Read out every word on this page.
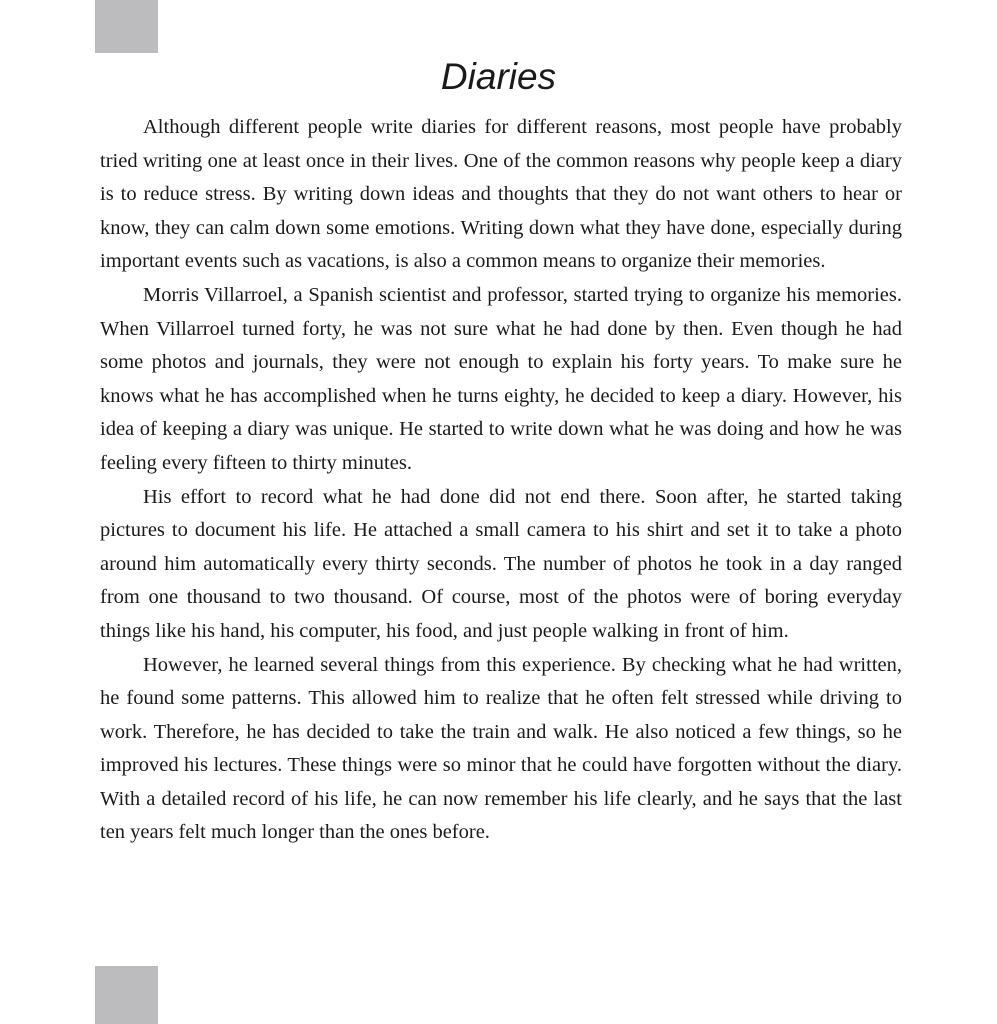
Diaries

Although different people write diaries for different reasons, most people have probably tried writing one at least once in their lives. One of the common reasons why people keep a diary is to reduce stress. By writing down ideas and thoughts that they do not want others to hear or know, they can calm down some emotions. Writing down what they have done, especially during important events such as vacations, is also a common means to organize their memories.

Morris Villarroel, a Spanish scientist and professor, started trying to organize his memories. When Villarroel turned forty, he was not sure what he had done by then. Even though he had some photos and journals, they were not enough to explain his forty years. To make sure he knows what he has accomplished when he turns eighty, he decided to keep a diary. However, his idea of keeping a diary was unique. He started to write down what he was doing and how he was feeling every fifteen to thirty minutes.

His effort to record what he had done did not end there. Soon after, he started taking pictures to document his life. He attached a small camera to his shirt and set it to take a photo around him automatically every thirty seconds. The number of photos he took in a day ranged from one thousand to two thousand. Of course, most of the photos were of boring everyday things like his hand, his computer, his food, and just people walking in front of him.

However, he learned several things from this experience. By checking what he had written, he found some patterns. This allowed him to realize that he often felt stressed while driving to work. Therefore, he has decided to take the train and walk. He also noticed a few things, so he improved his lectures. These things were so minor that he could have forgotten without the diary. With a detailed record of his life, he can now remember his life clearly, and he says that the last ten years felt much longer than the ones before.
